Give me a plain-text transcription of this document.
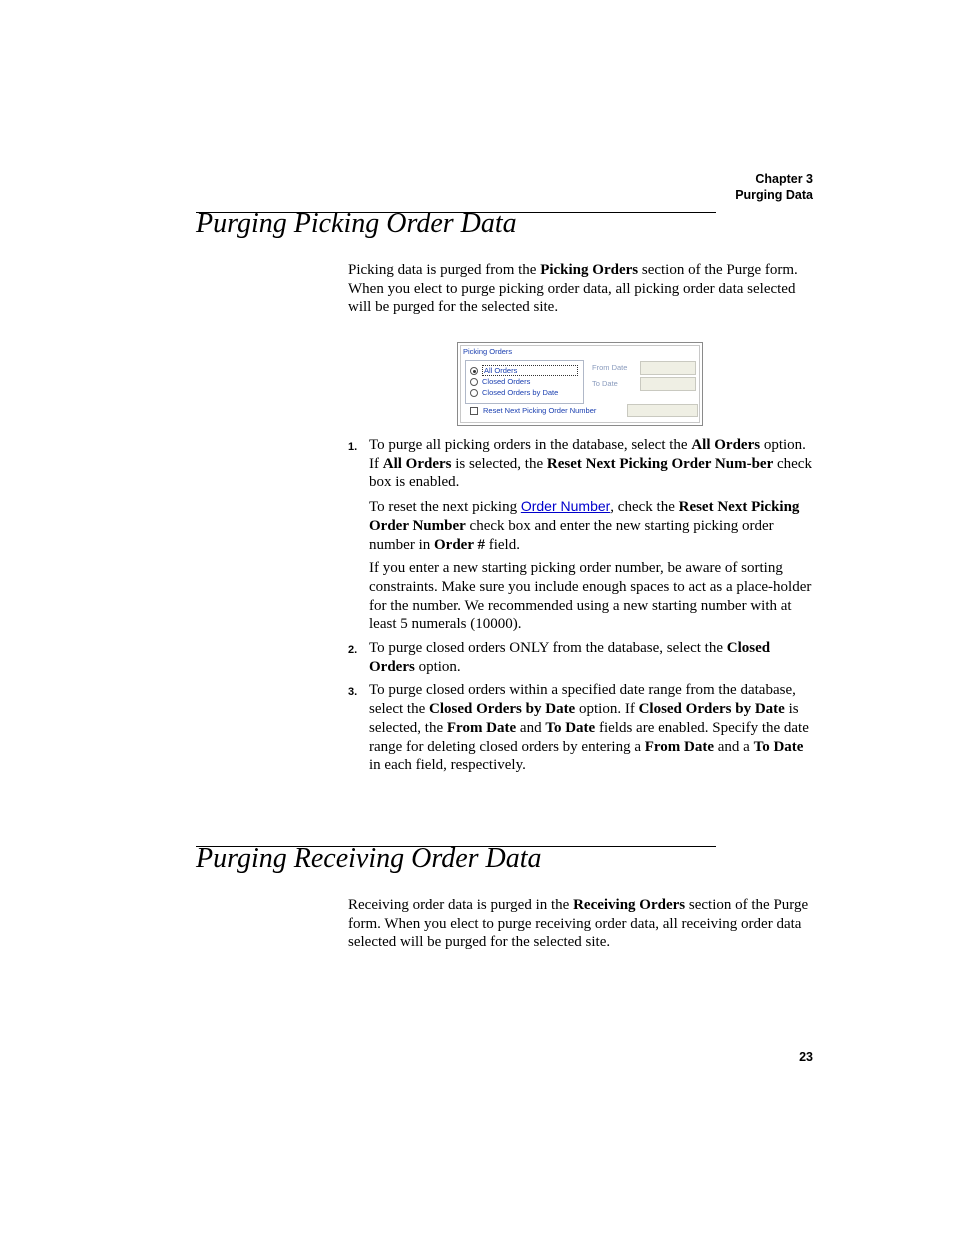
Chapter 3
Purging Data
Purging Picking Order Data

Picking data is purged from the Picking Orders section of the Purge form. When you elect to purge picking order data, all picking order data selected will be purged for the selected site.

Picking Orders
All Orders
Closed Orders
Closed Orders by Date
From Date
To Date
Reset Next Picking Order Number
1. To purge all picking orders in the database, select the All Orders option. If All Orders is selected, the Reset Next Picking Order Num-ber check box is enabled.

To reset the next picking Order Number, check the Reset Next Picking Order Number check box and enter the new starting picking order number in Order # field.

If you enter a new starting picking order number, be aware of sorting constraints. Make sure you include enough spaces to act as a place-holder for the number. We recommended using a new starting number with at least 5 numerals (10000).

2. To purge closed orders ONLY from the database, select the Closed Orders option.

3. To purge closed orders within a specified date range from the database, select the Closed Orders by Date option. If Closed Orders by Date is selected, the From Date and To Date fields are enabled. Specify the date range for deleting closed orders by entering a From Date and a To Date in each field, respectively.

Purging Receiving Order Data

Receiving order data is purged in the Receiving Orders section of the Purge form. When you elect to purge receiving order data, all receiving order data selected will be purged for the selected site.

23
